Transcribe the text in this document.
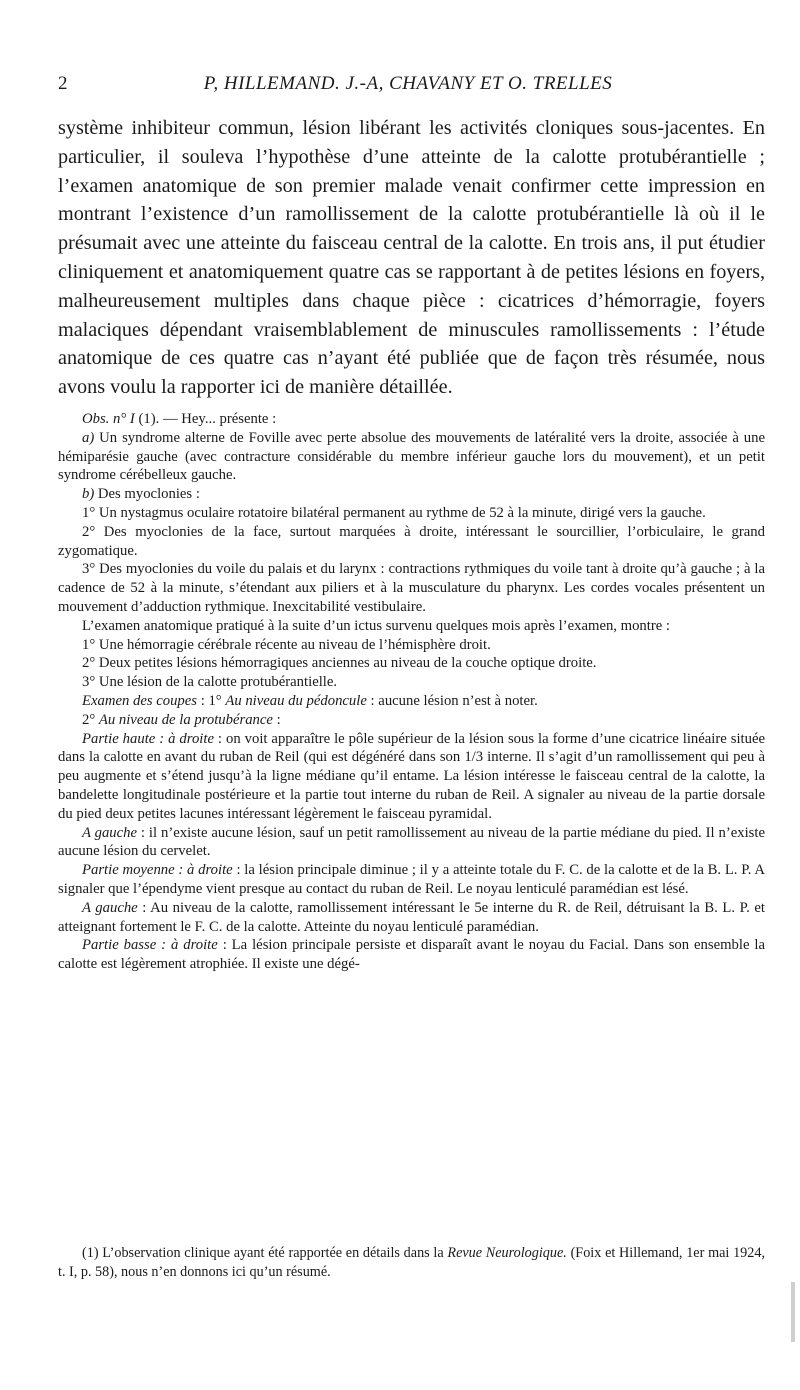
2	P, HILLEMAND. J.-A, CHAVANY ET O. TRELLES

système inhibiteur commun, lésion libérant les activités cloniques sous-jacentes. En particulier, il souleva l’hypothèse d’une atteinte de la calotte protubérantielle ; l’examen anatomique de son premier malade venait confirmer cette impression en montrant l’existence d’un ramollissement de la calotte protubérantielle là où il le présumait avec une atteinte du faisceau central de la calotte. En trois ans, il put étudier cliniquement et anatomiquement quatre cas se rapportant à de petites lésions en foyers, malheureusement multiples dans chaque pièce : cicatrices d’hémorragie, foyers malaciques dépendant vraisemblablement de minuscules ramollissements : l’étude anatomique de ces quatre cas n’ayant été publiée que de façon très résumée, nous avons voulu la rapporter ici de manière détaillée.

Obs. n° I (1). — Hey... présente :

a) Un syndrome alterne de Foville avec perte absolue des mouvements de latéralité vers la droite, associée à une hémiparésie gauche (avec contracture considérable du membre inférieur gauche lors du mouvement), et un petit syndrome cérébelleux gauche.

b) Des myoclonies :

1° Un nystagmus oculaire rotatoire bilatéral permanent au rythme de 52 à la minute, dirigé vers la gauche.

2° Des myoclonies de la face, surtout marquées à droite, intéressant le sourcillier, l’orbiculaire, le grand zygomatique.

3° Des myoclonies du voile du palais et du larynx : contractions rythmiques du voile tant à droite qu’à gauche ; à la cadence de 52 à la minute, s’étendant aux piliers et à la musculature du pharynx. Les cordes vocales présentent un mouvement d’adduction rythmique. Inexcitabilité vestibulaire.

L’examen anatomique pratiqué à la suite d’un ictus survenu quelques mois après l’examen, montre :

1° Une hémorragie cérébrale récente au niveau de l’hémisphère droit.

2° Deux petites lésions hémorragiques anciennes au niveau de la couche optique droite.

3° Une lésion de la calotte protubérantielle.

Examen des coupes : 1° Au niveau du pédoncule : aucune lésion n’est à noter.

2° Au niveau de la protubérance :

Partie haute : à droite : on voit apparaître le pôle supérieur de la lésion sous la forme d’une cicatrice linéaire située dans la calotte en avant du ruban de Reil (qui est dégénéré dans son 1/3 interne. Il s’agit d’un ramollissement qui peu à peu augmente et s’étend jusqu’à la ligne médiane qu’il entame. La lésion intéresse le faisceau central de la calotte, la bandelette longitudinale postérieure et la partie tout interne du ruban de Reil. A signaler au niveau de la partie dorsale du pied deux petites lacunes intéressant légèrement le faisceau pyramidal.

A gauche : il n’existe aucune lésion, sauf un petit ramollissement au niveau de la partie médiane du pied. Il n’existe aucune lésion du cervelet.

Partie moyenne : à droite : la lésion principale diminue ; il y a atteinte totale du F. C. de la calotte et de la B. L. P. A signaler que l’épendyme vient presque au contact du ruban de Reil. Le noyau lenticulé paramédian est lésé.

A gauche : Au niveau de la calotte, ramollissement intéressant le 5e interne du R. de Reil, détruisant la B. L. P. et atteignant fortement le F. C. de la calotte. Atteinte du noyau lenticulé paramédian.

Partie basse : à droite : La lésion principale persiste et disparaît avant le noyau du Facial. Dans son ensemble la calotte est légèrement atrophiée. Il existe une dégé-

(1) L’observation clinique ayant été rapportée en détails dans la Revue Neurologique. (Foix et Hillemand, 1er mai 1924, t. I, p. 58), nous n’en donnons ici qu’un résumé.
